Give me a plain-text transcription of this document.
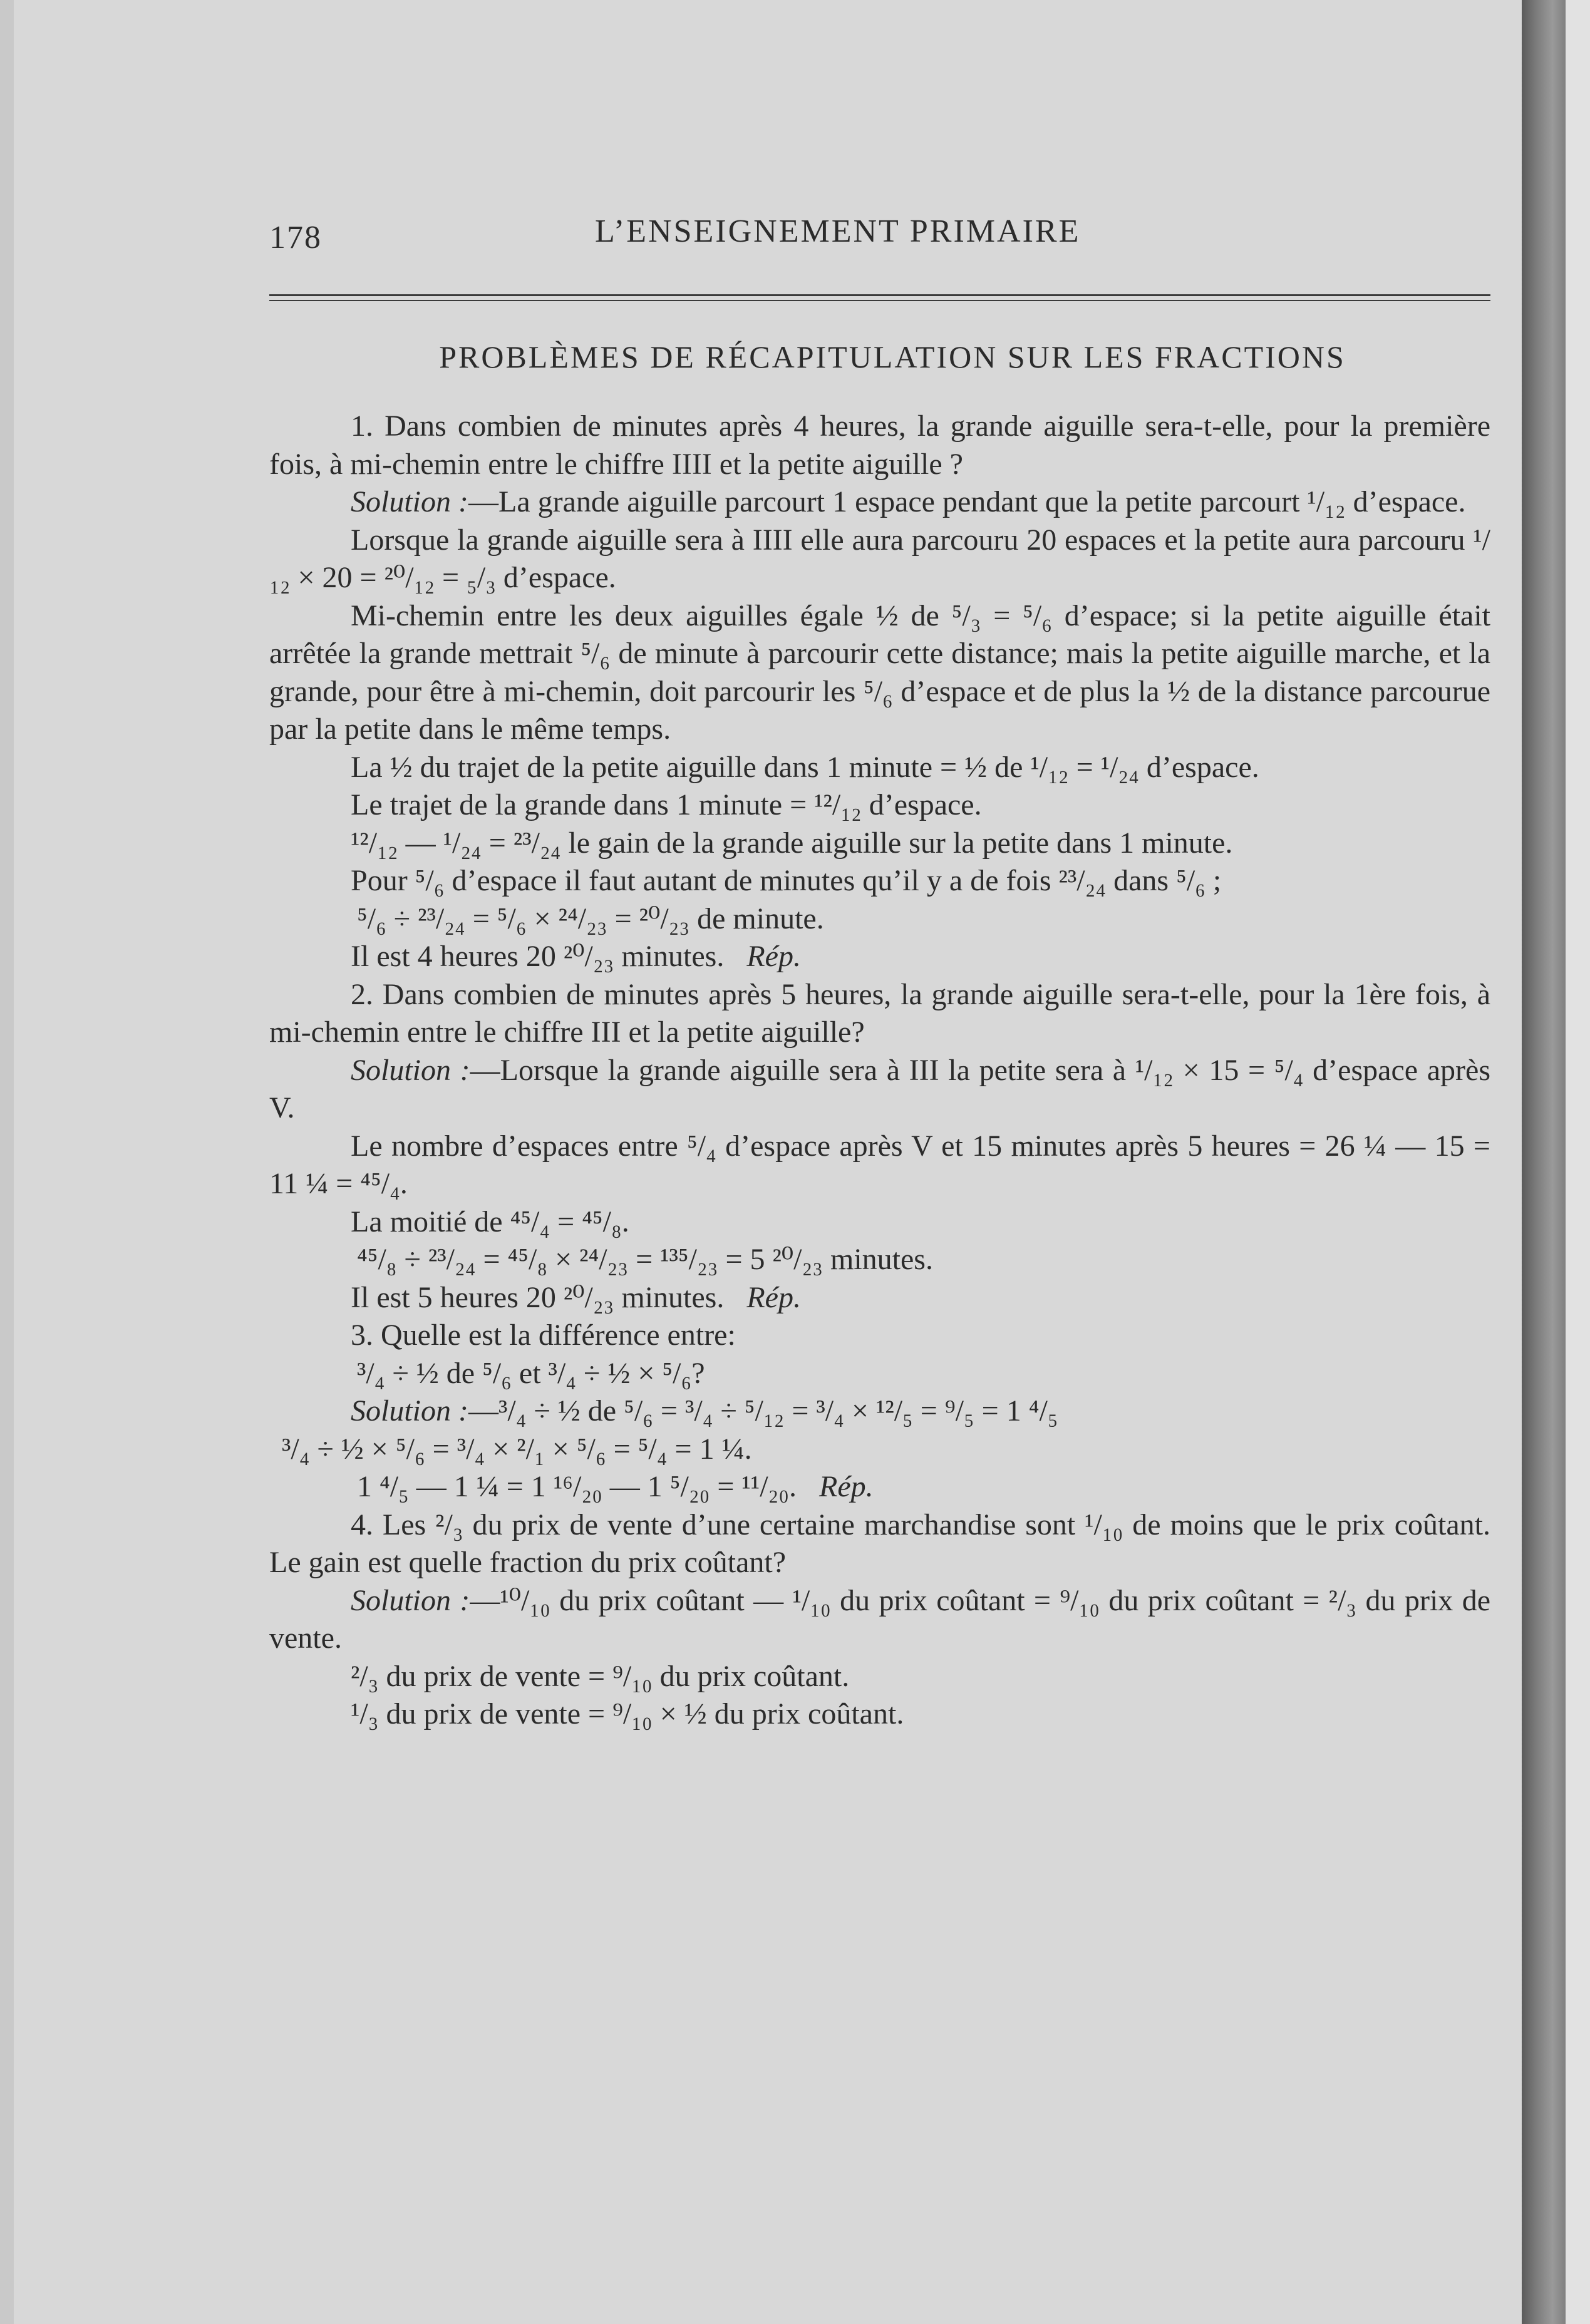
178	L’ENSEIGNEMENT PRIMAIRE
PROBLÈMES DE RÉCAPITULATION SUR LES FRACTIONS

1. Dans combien de minutes après 4 heures, la grande aiguille sera-t-elle, pour la première fois, à mi-chemin entre le chiffre IIII et la petite aiguille ?

Solution :—La grande aiguille parcourt 1 espace pendant que la petite parcourt ¹/₁₂ d’espace.

Lorsque la grande aiguille sera à IIII elle aura parcouru 20 espaces et la petite aura parcouru ¹/₁₂ × 20 = ²⁰/₁₂ = ₅/₃ d’espace.

Mi-chemin entre les deux aiguilles égale ½ de ⁵/₃ = ⁵/₆ d’espace; si la petite aiguille était arrêtée la grande mettrait ⁵/₆ de minute à parcourir cette distance; mais la petite aiguille marche, et la grande, pour être à mi-chemin, doit parcourir les ⁵/₆ d’espace et de plus la ½ de la distance parcourue par la petite dans le même temps.

La ½ du trajet de la petite aiguille dans 1 minute = ½ de ¹/₁₂ = ¹/₂₄ d’espace.

Le trajet de la grande dans 1 minute = ¹²/₁₂ d’espace.

¹²/₁₂ — ¹/₂₄ = ²³/₂₄ le gain de la grande aiguille sur la petite dans 1 minute.

Pour ⁵/₆ d’espace il faut autant de minutes qu’il y a de fois ²³/₂₄ dans ⁵/₆ ;

⁵/₆ ÷ ²³/₂₄ = ⁵/₆ × ²⁴/₂₃ = ²⁰/₂₃ de minute.

Il est 4 heures 20 ²⁰/₂₃ minutes. Rép.

2. Dans combien de minutes après 5 heures, la grande aiguille sera-t-elle, pour la 1ère fois, à mi-chemin entre le chiffre III et la petite aiguille?

Solution :—Lorsque la grande aiguille sera à III la petite sera à ¹/₁₂ × 15 = ⁵/₄ d’espace après V.

Le nombre d’espaces entre ⁵/₄ d’espace après V et 15 minutes après 5 heures = 26 ¼ — 15 = 11 ¼ = ⁴⁵/₄.

La moitié de ⁴⁵/₄ = ⁴⁵/₈.

⁴⁵/₈ ÷ ²³/₂₄ = ⁴⁵/₈ × ²⁴/₂₃ = ¹³⁵/₂₃ = 5 ²⁰/₂₃ minutes.

Il est 5 heures 20 ²⁰/₂₃ minutes. Rép.

3. Quelle est la différence entre:

³/₄ ÷ ½ de ⁵/₆ et ³/₄ ÷ ½ × ⁵/₆?

Solution :—³/₄ ÷ ½ de ⁵/₆ = ³/₄ ÷ ⁵/₁₂ = ³/₄ × ¹²/₅ = ⁹/₅ = 1 ⁴/₅

³/₄ ÷ ½ × ⁵/₆ = ³/₄ × ²/₁ × ⁵/₆ = ⁵/₄ = 1 ¼.

1 ⁴/₅ — 1 ¼ = 1 ¹⁶/₂₀ — 1 ⁵/₂₀ = ¹¹/₂₀. Rép.

4. Les ²/₃ du prix de vente d’une certaine marchandise sont ¹/₁₀ de moins que le prix coûtant. Le gain est quelle fraction du prix coûtant?

Solution :—¹⁰/₁₀ du prix coûtant — ¹/₁₀ du prix coûtant = ⁹/₁₀ du prix coûtant = ²/₃ du prix de vente.

²/₃ du prix de vente = ⁹/₁₀ du prix coûtant.

¹/₃ du prix de vente = ⁹/₁₀ × ½ du prix coûtant.
